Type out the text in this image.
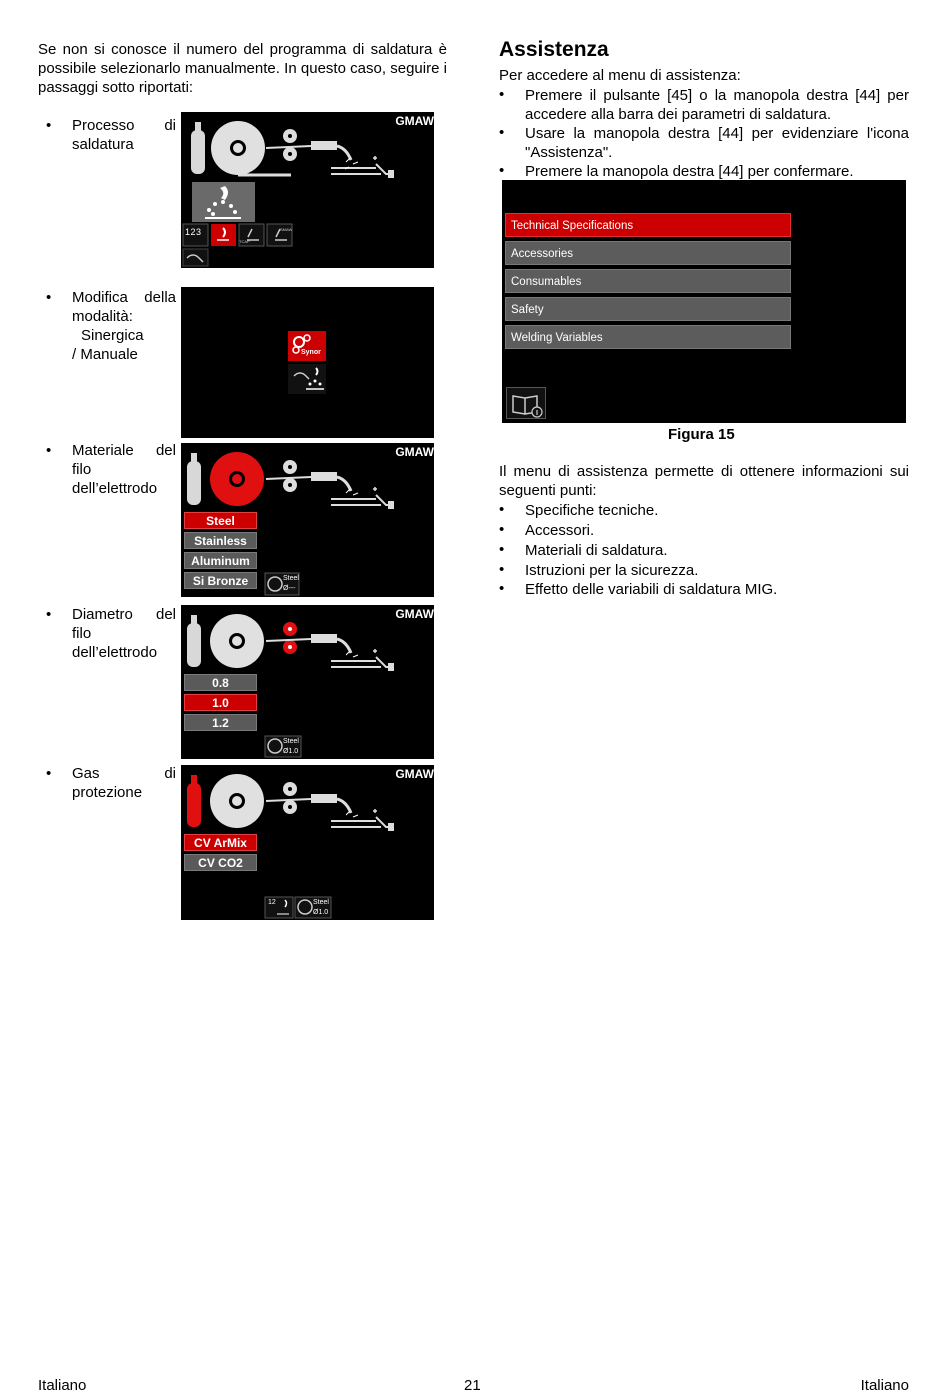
Se non si conosce il numero del programma di saldatura è possibile selezionarlo manualmente. In questo caso, seguire i passaggi sotto riportati:

• Processo di saldatura

• Modifica della modalità:
Sinergica
/ Manuale
• Materiale del filo dell’elettrodo

• Diametro del filo dell’elettrodo

• Gas di protezione

GMAW
1 2 3
TCAP
SMAW
Synor
GMAW
Steel
Stainless
Aluminum
Si Bronze	Steel
Ø---
GMAW
0.8
1.0
1.2
Steel
Ø1.0
GMAW
CV ArMix
CV CO2
12	Steel
Ø1.0
Assistenza

Per accedere al menu di assistenza:

• Premere il pulsante [45] o la manopola destra [44] per accedere alla barra dei parametri di saldatura.

• Usare la manopola destra [44] per evidenziare l'icona "Assistenza".

• Premere la manopola destra [44] per confermare.

Technical Specifications
Accessories
Consumables
Safety
Welding Variables

Figura 15

Il menu di assistenza permette di ottenere informazioni sui seguenti punti:

• Specifiche tecniche.

• Accessori.

• Materiali di saldatura.

• Istruzioni per la sicurezza.

• Effetto delle variabili di saldatura MIG.

Italiano	21	Italiano
